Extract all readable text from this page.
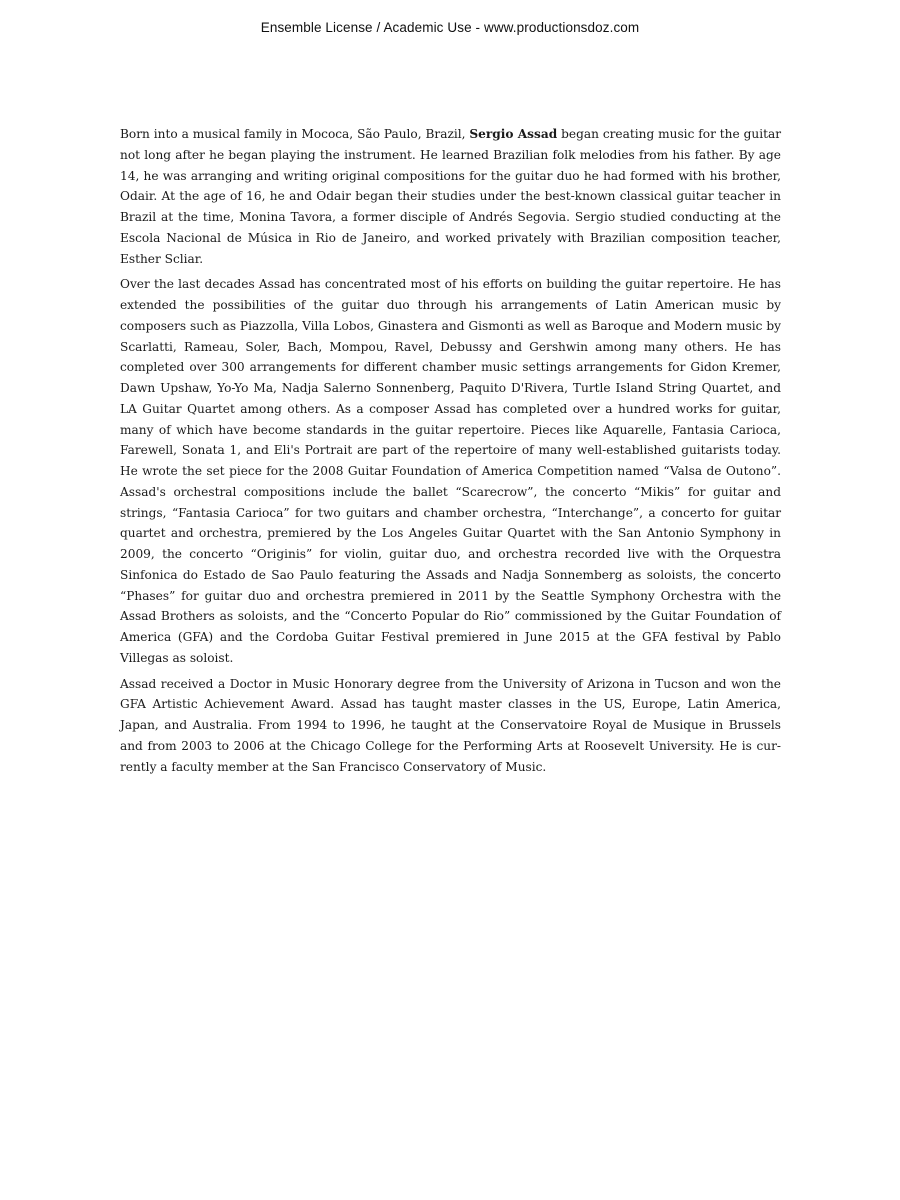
Ensemble License / Academic Use - www.productionsdoz.com

Born into a musical family in Mococa, São Paulo, Brazil, Sergio Assad began creating music for the guitar not long after he began playing the instrument. He learned Brazilian folk melodies from his father. By age 14, he was arranging and writing original compositions for the guitar duo he had formed with his brother, Odair. At the age of 16, he and Odair began their studies under the best-known classical guitar teacher in Brazil at the time, Monina Tavora, a former disciple of Andrés Segovia. Sergio studied conducting at the Escola Nacional de Música in Rio de Janeiro, and worked privately with Brazilian composition teacher, Esther Scliar.

Over the last decades Assad has concentrated most of his efforts on building the guitar repertoire. He has extended the possibilities of the guitar duo through his arrangements of Latin American music by composers such as Piazzolla, Villa Lobos, Ginastera and Gismonti as well as Baroque and Modern music by Scarlatti, Rameau, Soler, Bach, Mompou, Ravel, Debussy and Gershwin among many others. He has completed over 300 arrangements for different chamber music settings arrangements for Gidon Kremer, Dawn Upshaw, Yo-Yo Ma, Nadja Salerno Sonnenberg, Paquito D'Rivera, Turtle Island String Quartet, and LA Guitar Quartet among others. As a composer Assad has completed over a hundred works for guitar, many of which have become standards in the guitar repertoire. Pieces like Aquarelle, Fantasia Carioca, Farewell, Sonata 1, and Eli's Portrait are part of the repertoire of many well-established guitarists today. He wrote the set piece for the 2008 Guitar Foundation of America Competition named “Valsa de Outono”. Assad's orchestral compositions include the ballet “Scarecrow”, the concerto “Mikis” for guitar and strings, “Fantasia Carioca” for two guitars and chamber orchestra, “Interchange”, a concerto for guitar quartet and orchestra, premiered by the Los Angeles Guitar Quartet with the San Antonio Symphony in 2009, the concerto “Originis” for violin, guitar duo, and orchestra recorded live with the Orquestra Sinfonica do Estado de Sao Paulo featuring the Assads and Nadja Sonnemberg as soloists, the concerto “Phases” for guitar duo and orchestra premiered in 2011 by the Seattle Symphony Orchestra with the Assad Brothers as soloists, and the “Concerto Popular do Rio” commissioned by the Guitar Foundation of America (GFA) and the Cordoba Guitar Festival premiered in June 2015 at the GFA festival by Pablo Villegas as soloist.

Assad received a Doctor in Music Honorary degree from the University of Arizona in Tucson and won the GFA Artistic Achievement Award. Assad has taught master classes in the US, Europe, Latin America, Japan, and Australia. From 1994 to 1996, he taught at the Conservatoire Royal de Musique in Brussels and from 2003 to 2006 at the Chicago College for the Performing Arts at Roosevelt University. He is currently a faculty member at the San Francisco Conservatory of Music.
